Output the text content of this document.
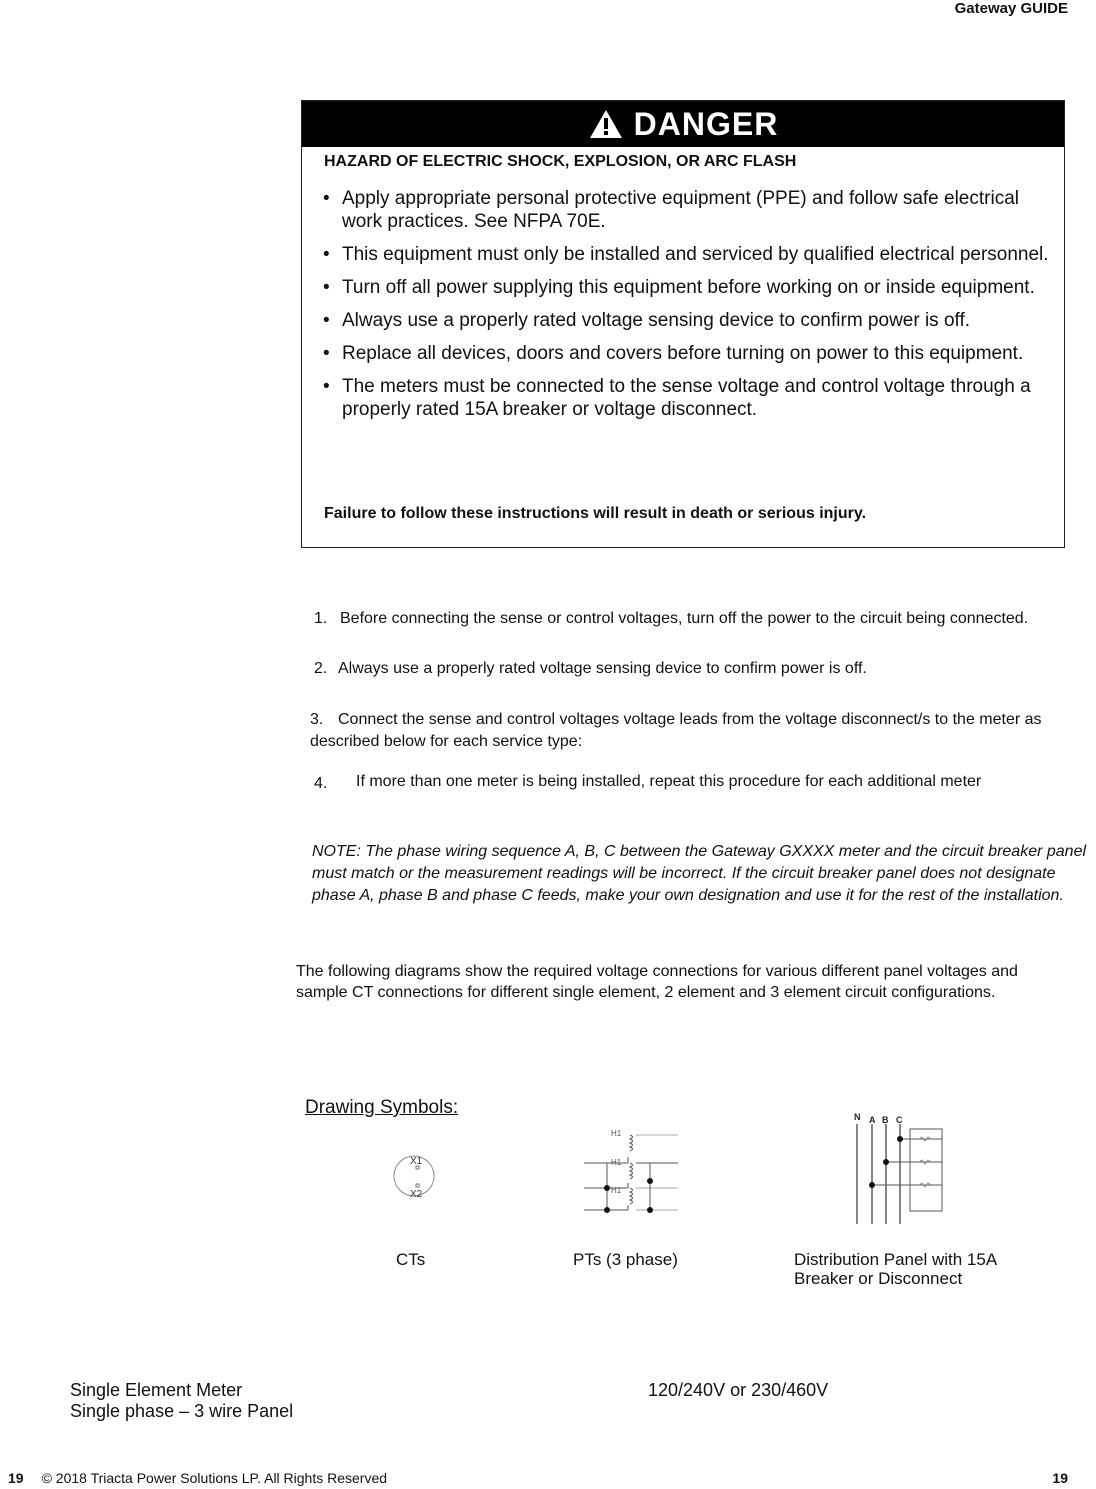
Gateway GUIDE
DANGER
HAZARD OF ELECTRIC SHOCK, EXPLOSION, OR ARC FLASH
• Apply appropriate personal protective equipment (PPE) and follow safe electrical work practices. See NFPA 70E.
• This equipment must only be installed and serviced by qualified electrical personnel.
• Turn off all power supplying this equipment before working on or inside equipment.
• Always use a properly rated voltage sensing device to confirm power is off.
• Replace all devices, doors and covers before turning on power to this equipment.
• The meters must be connected to the sense voltage and control voltage through a properly rated 15A breaker or voltage disconnect.
Failure to follow these instructions will result in death or serious injury.
1. Before connecting the sense or control voltages, turn off the power to the circuit being connected.
2. Always use a properly rated voltage sensing device to confirm power is off.
3. Connect the sense and control voltages voltage leads from the voltage disconnect/s to the meter as described below for each service type:
4. If more than one meter is being installed, repeat this procedure for each additional meter
NOTE: The phase wiring sequence A, B, C between the Gateway GXXXX meter and the circuit breaker panel must match or the measurement readings will be incorrect. If the circuit breaker panel does not designate phase A, phase B and phase C feeds, make your own designation and use it for the rest of the installation.
The following diagrams show the required voltage connections for various different panel voltages and sample CT connections for different single element, 2 element and 3 element circuit configurations.
Drawing Symbols:
X1
X2
CTs
H1
H1
H1
PTs (3 phase)
N A B C
Distribution Panel with 15A
Breaker or Disconnect
Single Element Meter
Single phase – 3 wire Panel
120/240V or 230/460V
19 © 2018 Triacta Power Solutions LP. All Rights Reserved	19
